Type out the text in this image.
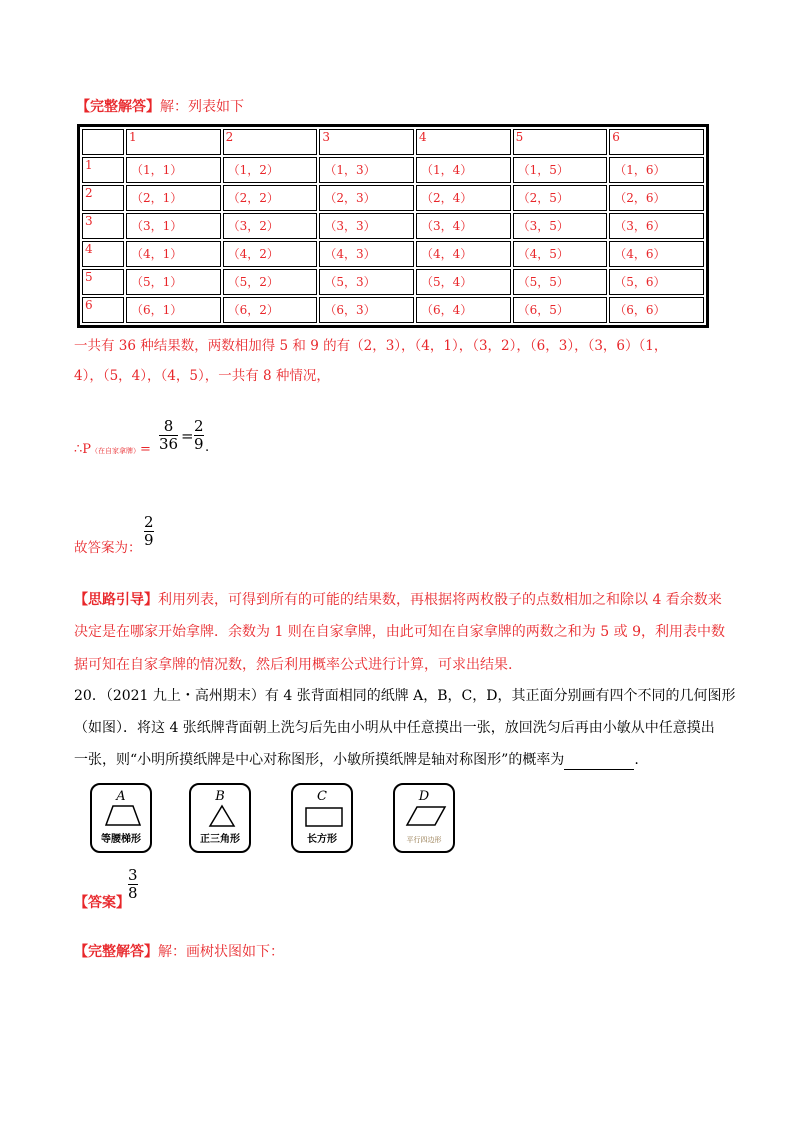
【完整解答】解：列表如下
	1	2	3	4	5	6
1	（1，1）	（1，2）	（1，3）	（1，4）	（1，5）	（1，6）
2	（2，1）	（2，2）	（2，3）	（2，4）	（2，5）	（2，6）
3	（3，1）	（3，2）	（3，3）	（3，4）	（3，5）	（3，6）
4	（4，1）	（4，2）	（4，3）	（4，4）	（4，5）	（4，6）
5	（5，1）	（5，2）	（5，3）	（5，4）	（5，5）	（5，6）
6	（6，1）	（6，2）	（6，3）	（6，4）	（6，5）	（6，6）
一共有 36 种结果数，两数相加得 5 和 9 的有（2，3），（4，1），（3，2），（6，3），（3，6）（1，
4），（5，4），（4，5），一共有 8 种情况，
∴P（在自家拿牌）=
8
36 =
2
9 .
故答案为：
2
9
【思路引导】利用列表，可得到所有的可能的结果数，再根据将两枚骰子的点数相加之和除以 4 看余数来
决定是在哪家开始拿牌．余数为 1 则在自家拿牌，由此可知在自家拿牌的两数之和为 5 或 9，利用表中数
据可知在自家拿牌的情况数，然后利用概率公式进行计算，可求出结果.
20．（2021 九上・高州期末）有 4 张背面相同的纸牌 A，B，C，D，其正面分别画有四个不同的几何图形
（如图）．将这 4 张纸牌背面朝上洗匀后先由小明从中任意摸出一张，放回洗匀后再由小敏从中任意摸出
一张，则“小明所摸纸牌是中心对称图形，小敏所摸纸牌是轴对称图形”的概率为	.
A
等腰梯形
B
正三角形
C
长方形
D
平行四边形
【答案】
3
8
【完整解答】解：画树状图如下：
